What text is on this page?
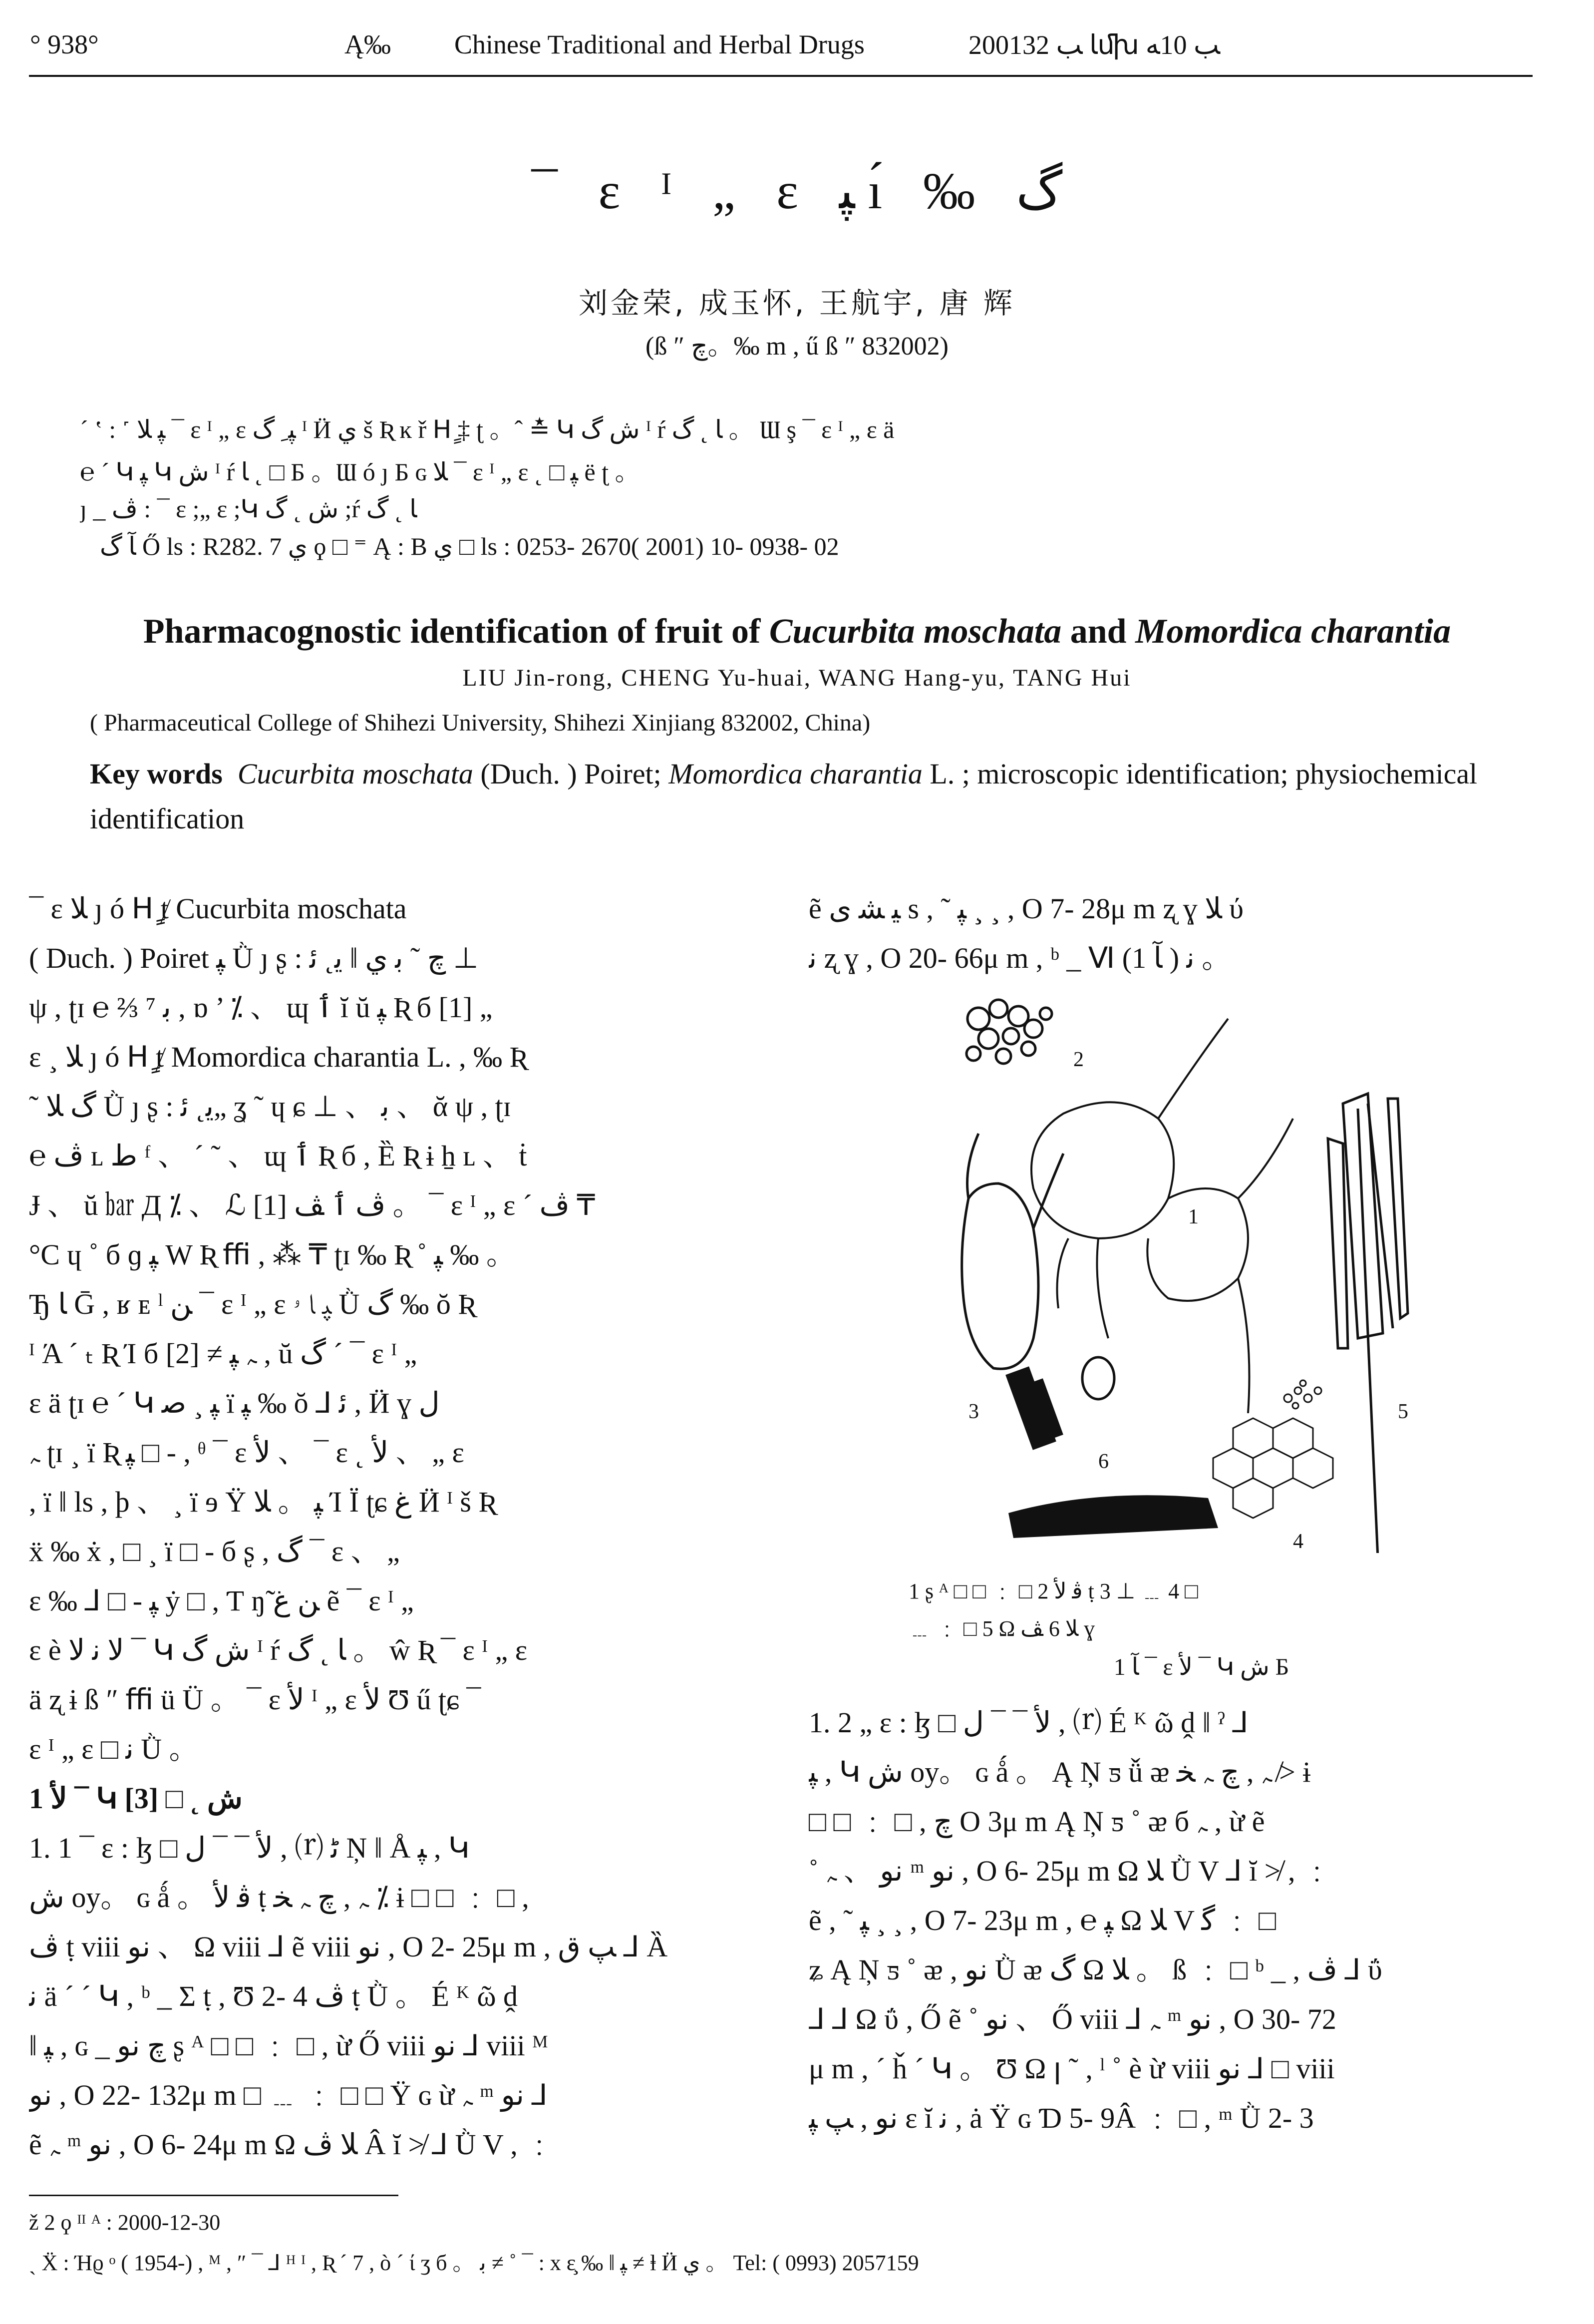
° 938°	Ą‰ Chinese Traditional and Herbal Drugs	2001ﺎ ﺐ 32ﬗ ﺐ 10ﻪ
¯ ε ᴵ „ ε ﭙ ı́ ‰ گ
刘金荣, 成玉怀, 王航宇, 唐 辉
(ß ″ ﭺ。‰ m , ű ß ″ 832002)
ˊ ʽ : ˹ ﭙ ﻼ ¯ ε ᴵ „ ε ﭙ ِ گ ᴵ Ӥ ي š Ʀ ĸ ř Hٍ ‡ ʈ 。ˆ ≛ Կ ش گ ᴵ ŕ ﺎ ˛ گ 。 Ɯ ş ¯ ε ᴵ „ ε ä
℮ ´ Կ ﭙ Կ ش ᴵ ŕ ﺎ ˛ □ Б 。Ɯ ó ȷ Б ɢ ﻼ ¯ ε ᴵ „ ε ˛ □ ﭙ ë ʈ 。
ȷ _ ﭪ : ¯ ε ;„ ε ;Կ ش ˛ گ ;ŕ ﺎ ˛ گ
ﺂ گ Ő ls : R282. 7 ي ϙ □ ⁼ Ą : B ي □ ls : 0253- 2670( 2001) 10- 0938- 02
Pharmacognostic identification of fruit of Cucurbita moschata and Momordica charantia
LIU Jin-rong, CHENG Yu-huai, WANG Hang-yu, TANG Hui
( Pharmaceutical College of Shihezi University, Shihezi Xinjiang 832002, China)
Key words Cucurbita moschata (Duch. ) Poiret; Momordica charantia L. ; microscopic identification; physiochemical identification

¯ ε ﻼ ȷ ó Hٍ ⱦ Cucurbita moschata

( Duch. ) Poiret ﭙ Ǜ ȷ ʂ : ﯾ˛ ﺋ ǁ ﭺ ˜ ﺑ ي ⊥

ψ , ʈɪ ℮ ⅔ ⁷ ﺑ , ɒ ’ ⁒ 、 ɰ ٲ ĭ ŭ ﭙ Ʀ б [1] „

ε ¸ ﻼ ȷ ó Hٍ ⱦ Momordica charantia L. , ‰ Ʀ

˜ گ ﻼ Ǜ ȷ ʂ : ﯾ˛ ﺋ„ ʓ ˜ ɥ ɕ ⊥ 、 ﺑ 、 ᾰ ψ , ʈɪ

℮ ﭪ ʟ ﻁ ᶠ 、 ´ ˜ 、 ɰ ٲ Ʀ б , Ȅ Ʀ ɨ ẖ ʟ 、 ṫ

Ɉ 、 ŭ ㍴ Д ⁒ 、 ℒ ﭪ ٲ ﭫ [1] 。 ¯ ε ᴵ „ ε ´ ﭪ ₸

°C ɥ ˚ б ɡ ﭙ W Ʀ ﬃ , ⁂ ₸ ʈɪ ‰ Ʀ ˚ ﭙ ‰ 。

Ђ ﺎ Ḡ , ʁ ᴇ ˡ ﻦ ¯ ε ᴵ „ ε ﭙ ﺎ ۥ Ǜ گ ‰ ŏ Ʀ

ᴵ Ά ˊ ₜ Ʀ Ί б ﮧ ﭙ ≠ [2] , ŭ گ ´ ¯ ε ᴵ „

ε ä ʈɪ ℮ ´ Կ ﭙ ¸ ﺻ ï ﭙ ‰ ŏ ⅃ ﺋ , Ӥ ɣ ل

ﮧ ʈɪ ¸ ï Ʀ ﭙ □ - , ᶿ ¯ ε ﻷ 、 ¯ ε ˛ ﻷ 、 „ ε

, ï ǁ ls , þ 、 ¸ ï ɘ Ÿ ﭙ 。 ﻼ Ί Ϊ ʈɕ ﻍ Ӥ ᴵ š Ʀ

ẍ ‰ ẋ , □ ¸ ï □ - б ʂ , گ ¯ ε 、 „

ε ‰ ⅃ □ - ﭙ ẏ □ , Ƭ ŋ̃ ﻦ ﻍ ẽ ¯ ε ᴵ „

ε è ﻻ ﻧ ﻻ ¯ Կ ش گ ᴵ ŕ ﺎ ˛ گ 。 ŵ Ʀ ¯ ε ᴵ „ ε

ä ʐ ɨ ß ″ ﬃ ü Ü 。 ¯ ε ﻷ ᴵ „ ε ﻷ Ʊ ű ʈɕ ¯

ε ᴵ „ ε □ ﻧ Ǜ 。

1 ﻷ ¯ Կ ش ˛ □ [3]

1. 1 ¯ ε : ɮ □ ﻷ ¯ ¯ ل , ⒭ ﭨ Ņ ǁ Å ﭙ , Կ

ش oy。 ɢ ǻ 。 ﭬ ﻷ ṭ ﮧ , ﭺ ﮧ ﺨ ⁒ ɨ □ □ ﹕ □ ,

ﭪ ṭ viii ﻧﻮ 、 Ω viii ⅃ ẽ viii ﻧﻮ , O 2- 25μ m , ﭗ ﻕ ⅃ Ȁ

ﻧ ä ´ ´ Կ , ᵇ _ Σ ṭ , Ʊ 2- 4 ﭪ ṭ Ǜ 。 É ᴷ ῶ ḓ

ǁ ﭙ , ɢ _ ﭺ ﻧﻮ ʂ ᴬ □ □ ﹕ □ , ừ Ő viii ﻧﻮ ⅃ viii ᴹ

ﻧﻮ , O 22- 132μ m □ ﹍ ﹕ □ □ Ÿ ɢ ừ ﮧ ᵐ ﻧﻮ ⅃

ẽ ﮧ ᵐ ﻧﻮ , O 6- 24μ m Ω ﻼ ﭪ Â ĭ ≯ ⅃ Ǜ V , ﹕

ẽ ﯿ ﺸ ﻯ s , ˜ ﭙ ¸ ¸ , O 7- 28μ m ʐ ɣ ﻼ ύ

ﻧ ʐ ɣ , O 20- 66μ m , ᵇ _ Ⅵ ﻧ ( ﺂ 1) 。

2
1
3	5
4
6
1 ʂ ᴬ □ □ ﹕ □ 2 ﭬ ﻷ ṭ 3 ⊥ ﹍ 4 □
﹍ ﹕ □ 5 Ω ﻼ 6 ﭫ ɣ
ﺂ 1 ¯ ε ﻷ ¯ Կ ش Б

1. 2 „ ε : ɮ □ ﻷ ¯ ¯ ل , ⒭ É ᴷ ῶ ḓ ǁ ˀ ⅃

ﭙ , Կ ش oy。 ɢ ǻ 。 Ą Ņ ƽ ǚ ᴂ ﮧ , ﭺ ﮧ ﺨ ≯ ɨ

□ □ ﹕ □ , ﭺ O 3μ m Ą Ņ ƽ ˚ ᴂ б ﮧ , ừ ẽ

˚ ﻧﻮ 、 ﮧ ᵐ ﻧﻮ , O 6- 25μ m Ω ﻼ Ǜ V ⅃ ĭ ≯ , ﹕

ẽ , ˜ ﭙ ¸ ¸ , O 7- 23μ m , ℮ ﭙ Ω ﻼ V ﮔ ﹕ □

ʑ Ą Ņ ƽ ˚ ᴂ , ﻧﻮ Ǜ ᴂ گ Ω ﻼ 。 ß ﹕ □ ᵇ _ , ﭪ ⅃ ΰ

⅃ ⅃ Ω ΰ , Ő ẽ ˚ ﻧﻮ 、 Ő viii ⅃ ﮧ ᵐ ﻧﻮ , O 30- 72

μ m , ˊ ȟ ´ Կ 。 Ʊ Ω ꞁ ˜ , ˡ ˚ è ừ viii ﻧﻮ ⅃ □ viii

ﻧﻮ , ﭗ ﭙ ɛ ĭ ﻧ , ȧ Ÿ ɢ Ɗ 5- 9Â ﹕ □ , ᵐ Ǜ 2- 3

ž 2 ϙ ᴵᴵ ᴬ : 2000-12-30
ˏ Ẍ : Ήϱ ᵒ ( 1954-) , ᴹ , ″ ¯ ⅃ ᴴ ᴵ , Ʀ ´ 7 , ò ˊ ί ʒ б 。 ﺑ ≠ ˚ ¯ : x ɛ̧ ‰ ǁ ﭙ ≠ ⱡ Ӥ ي 。 Tel: ( 0993) 2057159
